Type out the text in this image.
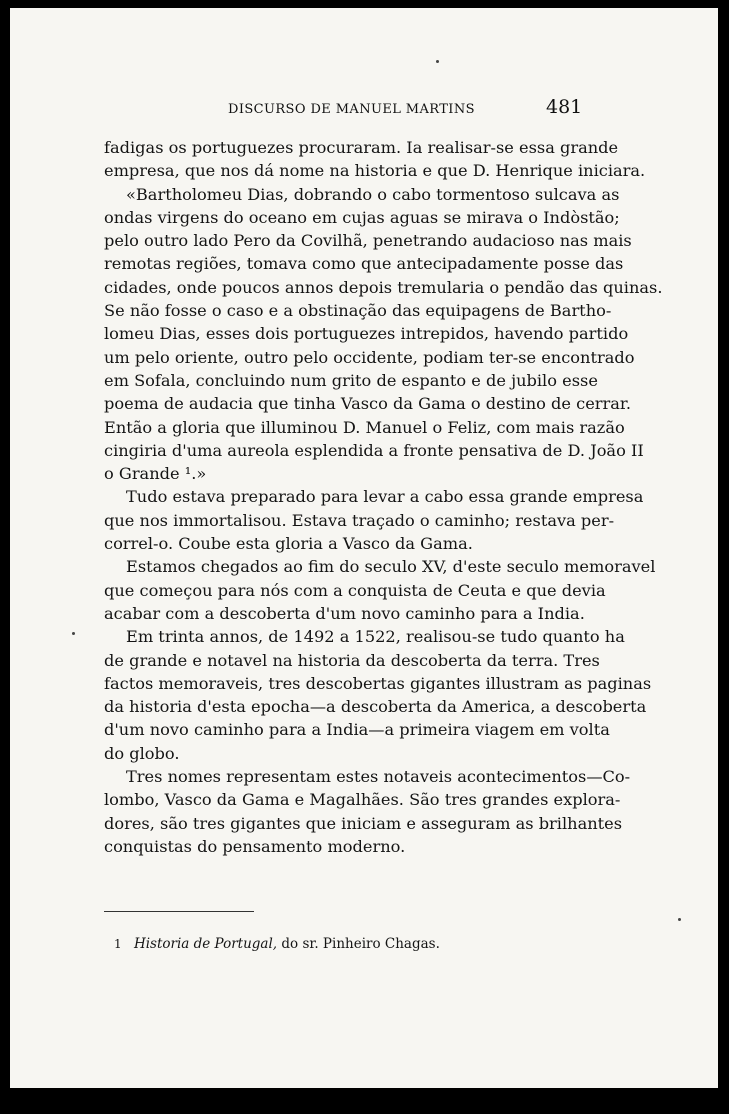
DISCURSO DE MANUEL MARTINS	481
fadigas os portuguezes procuraram. Ia realisar-se essa grande
empresa, que nos dá nome na historia e que D. Henrique iniciara.
«Bartholomeu Dias, dobrando o cabo tormentoso sulcava as
ondas virgens do oceano em cujas aguas se mirava o Indòstão;
pelo outro lado Pero da Covilhã, penetrando audacioso nas mais
remotas regiões, tomava como que antecipadamente posse das
cidades, onde poucos annos depois tremularia o pendão das quinas.
Se não fosse o caso e a obstinação das equipagens de Bartho-
lomeu Dias, esses dois portuguezes intrepidos, havendo partido
um pelo oriente, outro pelo occidente, podiam ter-se encontrado
em Sofala, concluindo num grito de espanto e de jubilo esse
poema de audacia que tinha Vasco da Gama o destino de cerrar.
Então a gloria que illuminou D. Manuel o Feliz, com mais razão
cingiria d'uma aureola esplendida a fronte pensativa de D. João II
o Grande ¹.»
Tudo estava preparado para levar a cabo essa grande empresa
que nos immortalisou. Estava traçado o caminho; restava per-
correl-o. Coube esta gloria a Vasco da Gama.
Estamos chegados ao fim do seculo XV, d'este seculo memoravel
que começou para nós com a conquista de Ceuta e que devia
acabar com a descoberta d'um novo caminho para a India.
Em trinta annos, de 1492 a 1522, realisou-se tudo quanto ha
de grande e notavel na historia da descoberta da terra. Tres
factos memoraveis, tres descobertas gigantes illustram as paginas
da historia d'esta epocha—a descoberta da America, a descoberta
d'um novo caminho para a India—a primeira viagem em volta
do globo.
Tres nomes representam estes notaveis acontecimentos—Co-
lombo, Vasco da Gama e Magalhães. São tres grandes explora-
dores, são tres gigantes que iniciam e asseguram as brilhantes
conquistas do pensamento moderno.
1 Historia de Portugal, do sr. Pinheiro Chagas.
